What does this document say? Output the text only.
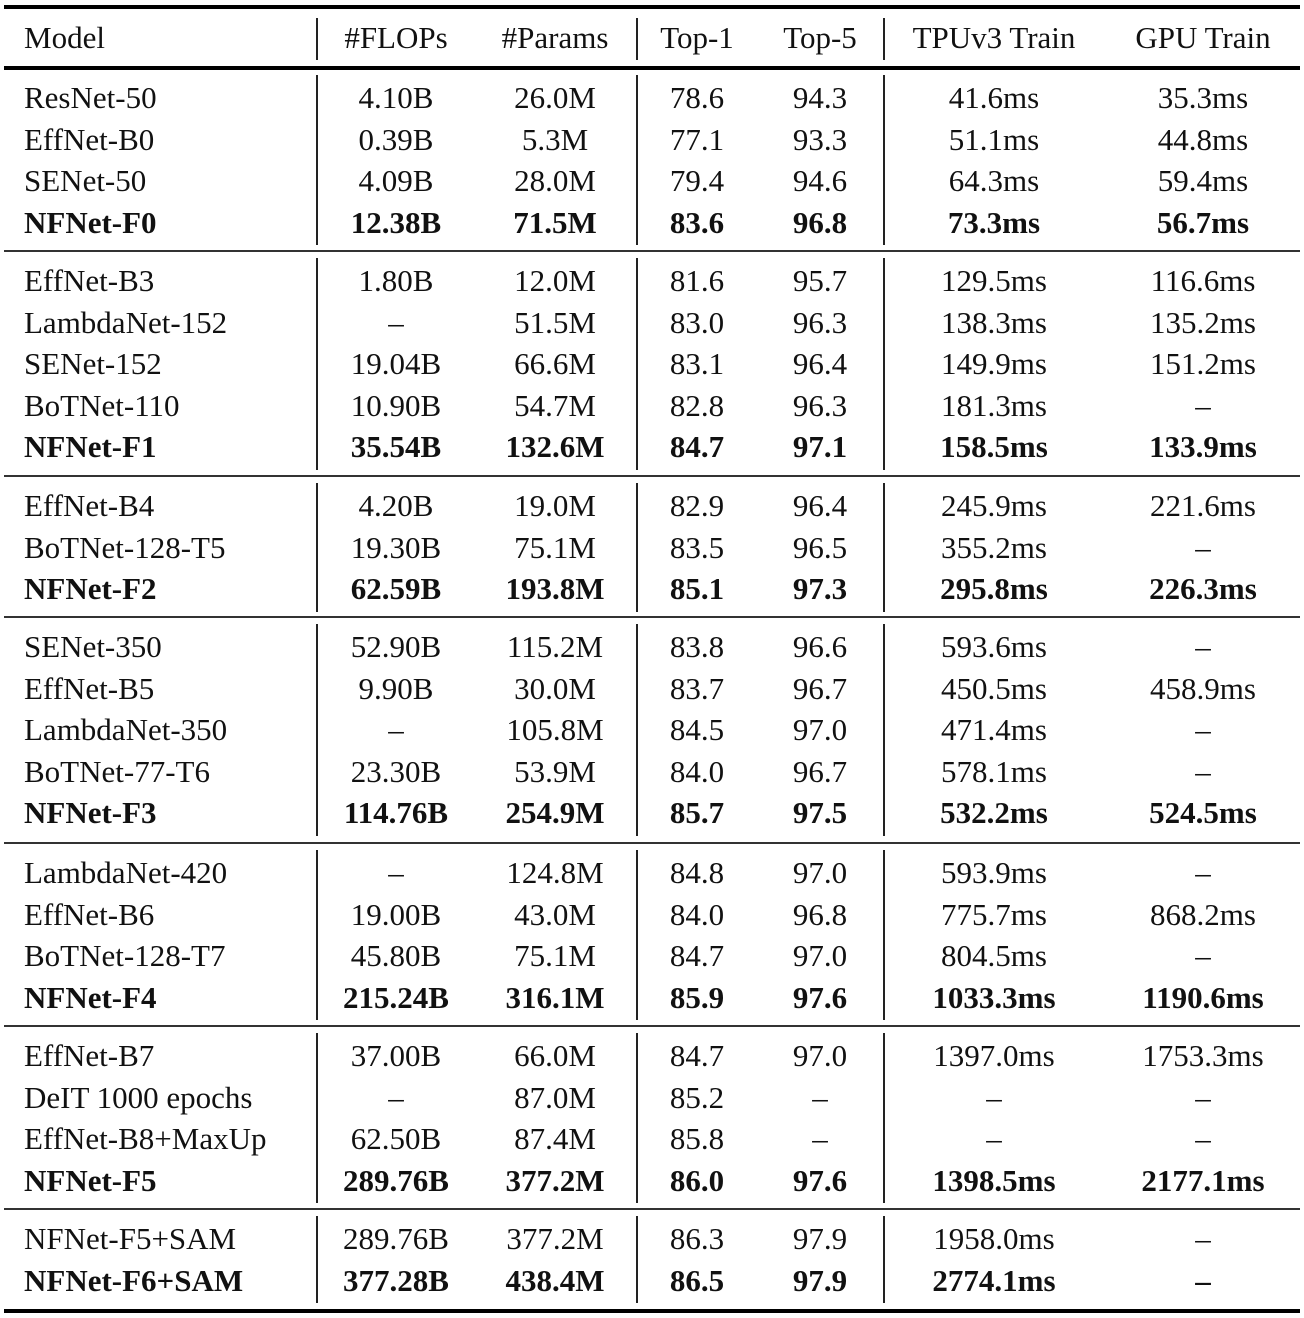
Model	#FLOPs #Params Top-1 Top-5 TPUv3 Train GPU Train
ResNet-50	4.10B	26.0M 78.6 94.3	41.6ms	35.3ms
EffNet-B0	0.39B	5.3M	77.1 93.3	51.1ms	44.8ms
SENet-50	4.09B	28.0M 79.4 94.6	64.3ms	59.4ms
NFNet-F0	12.38B 71.5M 83.6 96.8	73.3ms	56.7ms
EffNet-B3	1.80B	12.0M 81.6 95.7	129.5ms	116.6ms
LambdaNet-152	–	51.5M 83.0 96.3	138.3ms	135.2ms
SENet-152	19.04B 66.6M 83.1 96.4	149.9ms	151.2ms
BoTNet-110	10.90B 54.7M 82.8 96.3	181.3ms	–
NFNet-F1	35.54B 132.6M 84.7 97.1	158.5ms	133.9ms
EffNet-B4	4.20B	19.0M 82.9 96.4	245.9ms	221.6ms
BoTNet-128-T5	19.30B 75.1M 83.5 96.5	355.2ms	–
NFNet-F2	62.59B 193.8M 85.1 97.3	295.8ms	226.3ms
SENet-350	52.90B 115.2M 83.8 96.6	593.6ms	–
EffNet-B5	9.90B	30.0M 83.7 96.7	450.5ms	458.9ms
LambdaNet-350	–	105.8M 84.5 97.0	471.4ms	–
BoTNet-77-T6	23.30B 53.9M 84.0 96.7	578.1ms	–
NFNet-F3	114.76B 254.9M 85.7 97.5	532.2ms	524.5ms
LambdaNet-420	–	124.8M 84.8 97.0	593.9ms	–
EffNet-B6	19.00B 43.0M 84.0 96.8	775.7ms	868.2ms
BoTNet-128-T7	45.80B 75.1M 84.7 97.0	804.5ms	–
NFNet-F4	215.24B 316.1M 85.9 97.6	1033.3ms	1190.6ms
EffNet-B7	37.00B 66.0M 84.7 97.0	1397.0ms	1753.3ms
DeIT 1000 epochs	–	87.0M 85.2	–	–	–
EffNet-B8+MaxUp	62.50B 87.4M 85.8	–	–	–
NFNet-F5	289.76B 377.2M 86.0 97.6	1398.5ms	2177.1ms
NFNet-F5+SAM	289.76B 377.2M 86.3 97.9	1958.0ms	–
NFNet-F6+SAM	377.28B 438.4M 86.5 97.9	2774.1ms	–
